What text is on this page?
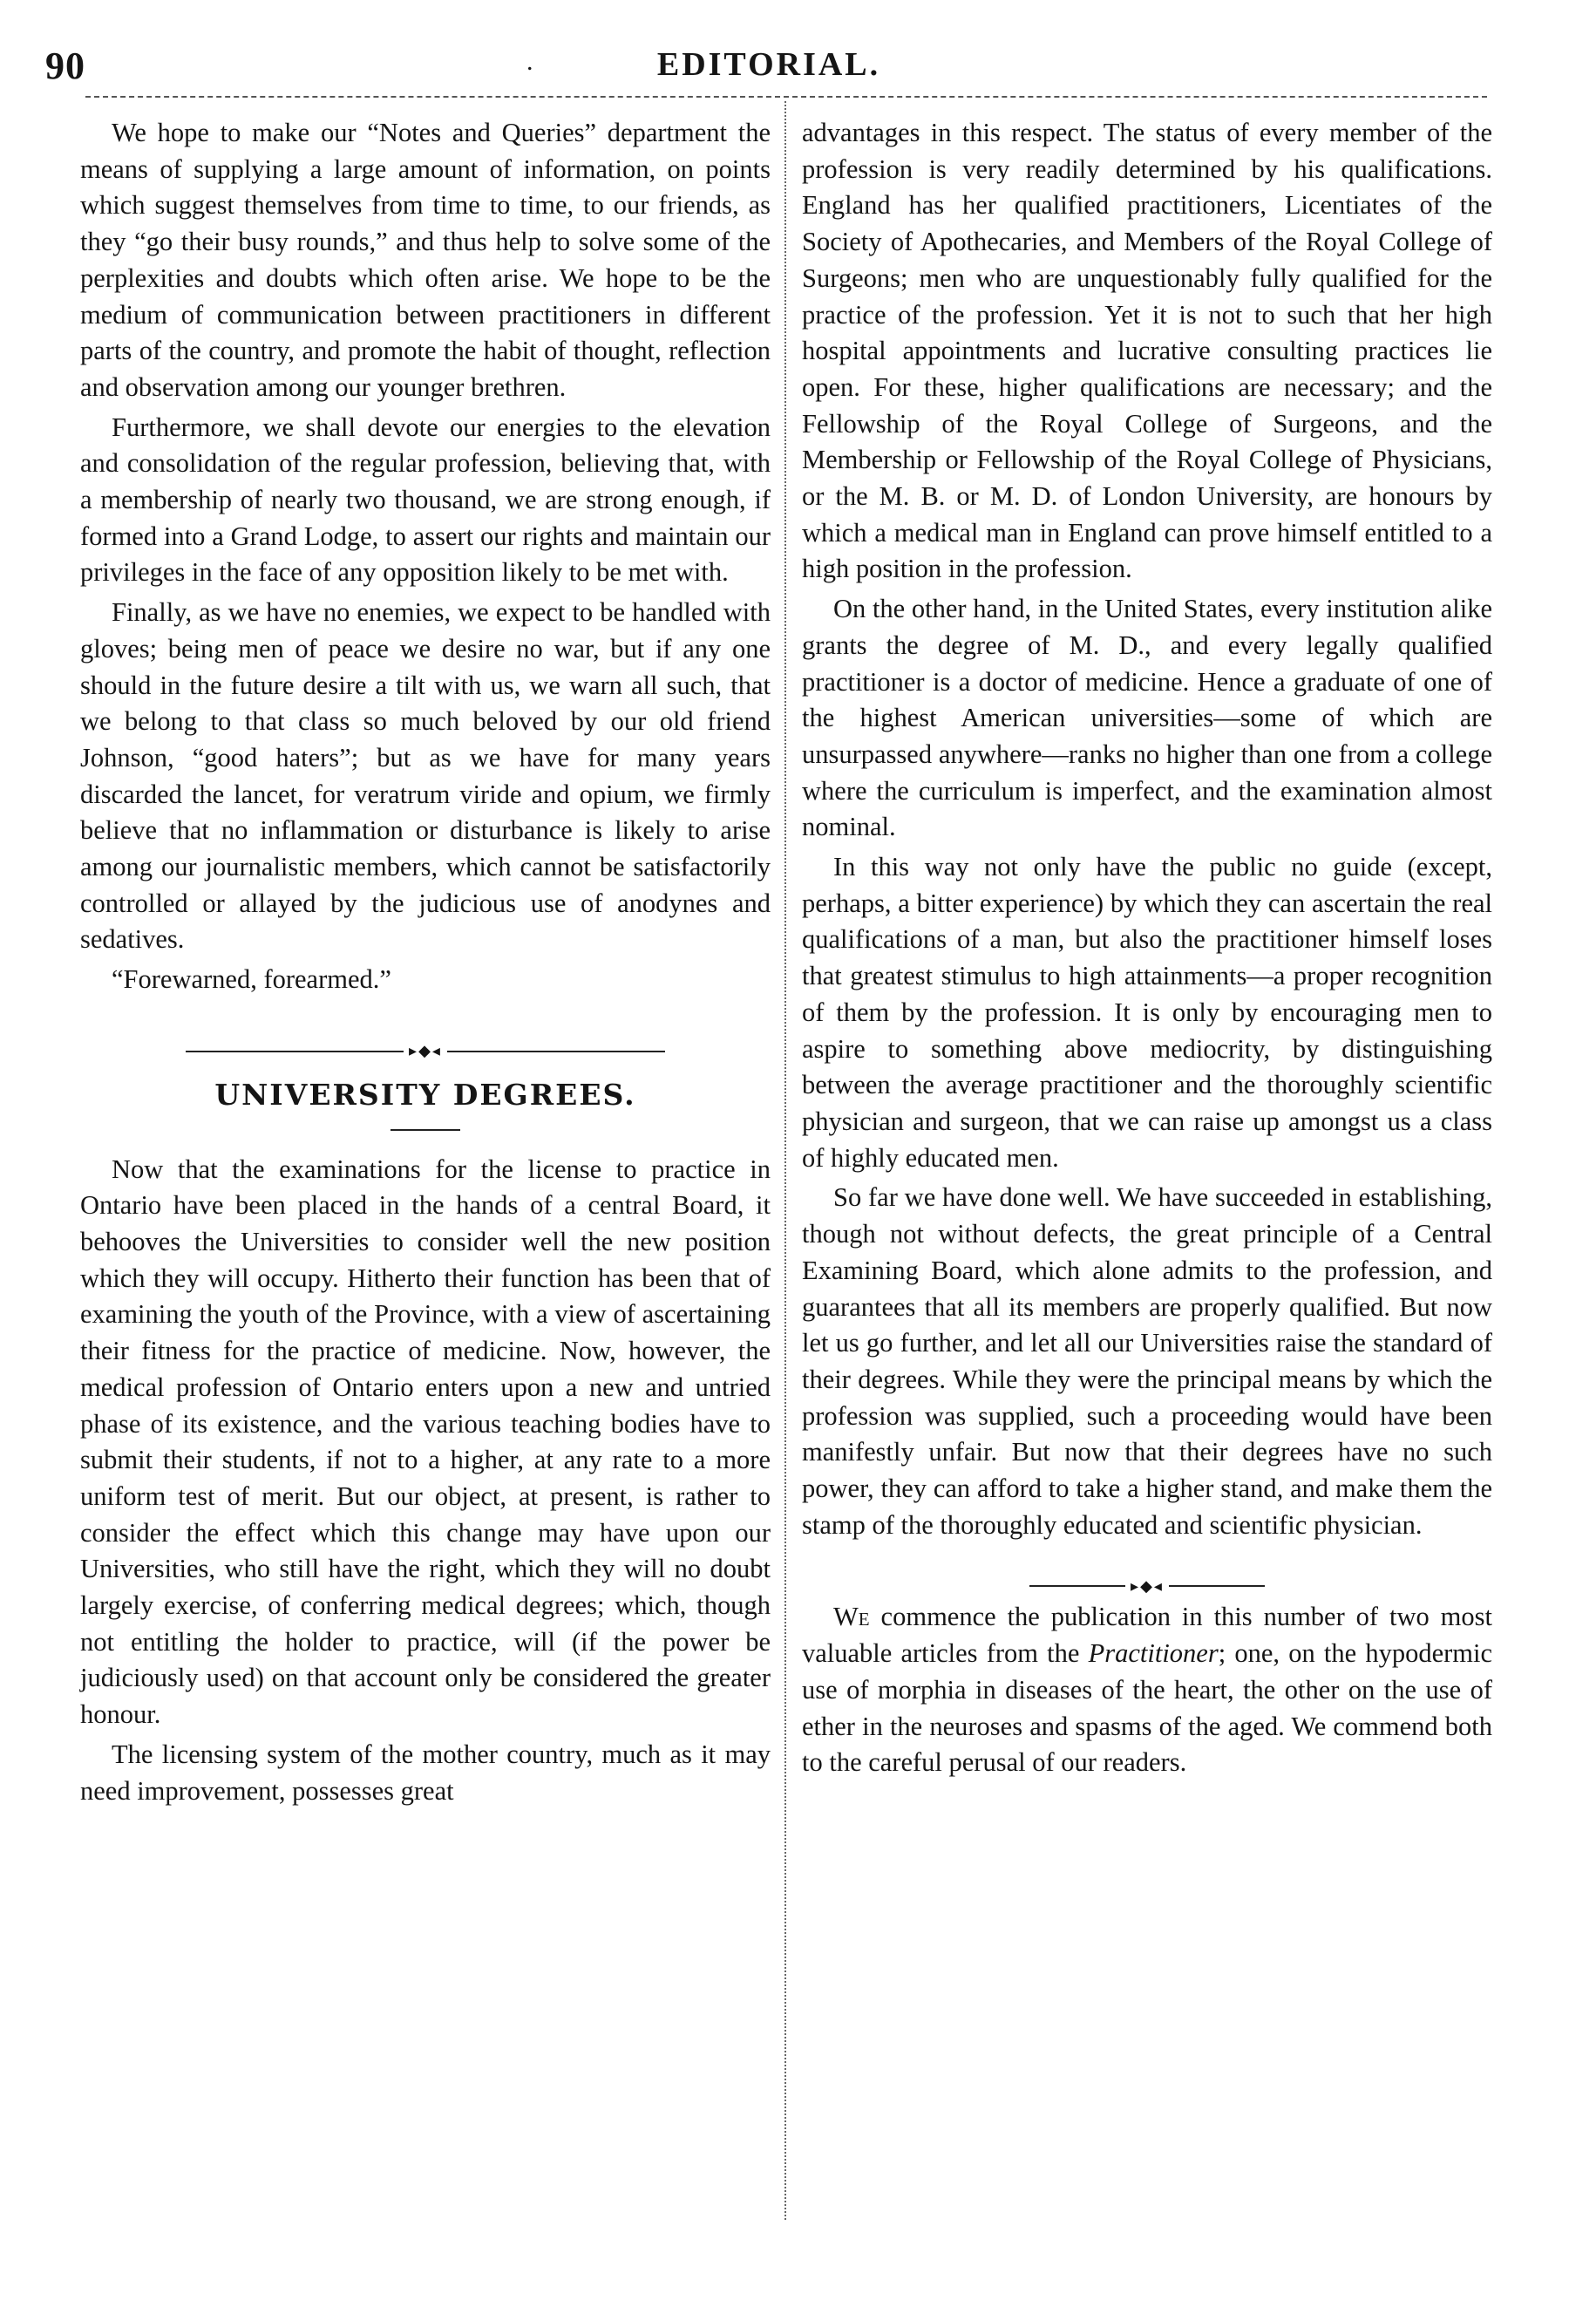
90	.	EDITORIAL.

We hope to make our “Notes and Queries” department the means of supplying a large amount of information, on points which suggest themselves from time to time, to our friends, as they “go their busy rounds,” and thus help to solve some of the perplexities and doubts which often arise. We hope to be the medium of communication between practitioners in different parts of the country, and promote the habit of thought, reflection and observation among our younger brethren.

Furthermore, we shall devote our energies to the elevation and consolidation of the regular profession, believing that, with a membership of nearly two thousand, we are strong enough, if formed into a Grand Lodge, to assert our rights and maintain our privileges in the face of any opposition likely to be met with.

Finally, as we have no enemies, we expect to be handled with gloves; being men of peace we desire no war, but if any one should in the future desire a tilt with us, we warn all such, that we belong to that class so much beloved by our old friend Johnson, “good haters”; but as we have for many years discarded the lancet, for veratrum viride and opium, we firmly believe that no inflammation or disturbance is likely to arise among our journalistic members, which cannot be satisfactorily controlled or allayed by the judicious use of anodynes and sedatives.

“Forewarned, forearmed.”

▸◆◂
UNIVERSITY DEGREES.

Now that the examinations for the license to practice in Ontario have been placed in the hands of a central Board, it behooves the Universities to consider well the new position which they will occupy. Hitherto their function has been that of examining the youth of the Province, with a view of ascertaining their fitness for the practice of medicine. Now, however, the medical profession of Ontario enters upon a new and untried phase of its existence, and the various teaching bodies have to submit their students, if not to a higher, at any rate to a more uniform test of merit. But our object, at present, is rather to consider the effect which this change may have upon our Universities, who still have the right, which they will no doubt largely exercise, of conferring medical degrees; which, though not entitling the holder to practice, will (if the power be judiciously used) on that account only be considered the greater honour.

The licensing system of the mother country, much as it may need improvement, possesses great

advantages in this respect. The status of every member of the profession is very readily determined by his qualifications. England has her qualified practitioners, Licentiates of the Society of Apothecaries, and Members of the Royal College of Surgeons; men who are unquestionably fully qualified for the practice of the profession. Yet it is not to such that her high hospital appointments and lucrative consulting practices lie open. For these, higher qualifications are necessary; and the Fellowship of the Royal College of Surgeons, and the Membership or Fellowship of the Royal College of Physicians, or the M. B. or M. D. of London University, are honours by which a medical man in England can prove himself entitled to a high position in the profession.

On the other hand, in the United States, every institution alike grants the degree of M. D., and every legally qualified practitioner is a doctor of medicine. Hence a graduate of one of the highest American universities—some of which are unsurpassed anywhere—ranks no higher than one from a college where the curriculum is imperfect, and the examination almost nominal.

In this way not only have the public no guide (except, perhaps, a bitter experience) by which they can ascertain the real qualifications of a man, but also the practitioner himself loses that greatest stimulus to high attainments—a proper recognition of them by the profession. It is only by encouraging men to aspire to something above mediocrity, by distinguishing between the average practitioner and the thoroughly scientific physician and surgeon, that we can raise up amongst us a class of highly educated men.

So far we have done well. We have succeeded in establishing, though not without defects, the great principle of a Central Examining Board, which alone admits to the profession, and guarantees that all its members are properly qualified. But now let us go further, and let all our Universities raise the standard of their degrees. While they were the principal means by which the profession was supplied, such a proceeding would have been manifestly unfair. But now that their degrees have no such power, they can afford to take a higher stand, and make them the stamp of the thoroughly educated and scientific physician.

▸◆◂

We commence the publication in this number of two most valuable articles from the Practitioner; one, on the hypodermic use of morphia in diseases of the heart, the other on the use of ether in the neuroses and spasms of the aged. We commend both to the careful perusal of our readers.
